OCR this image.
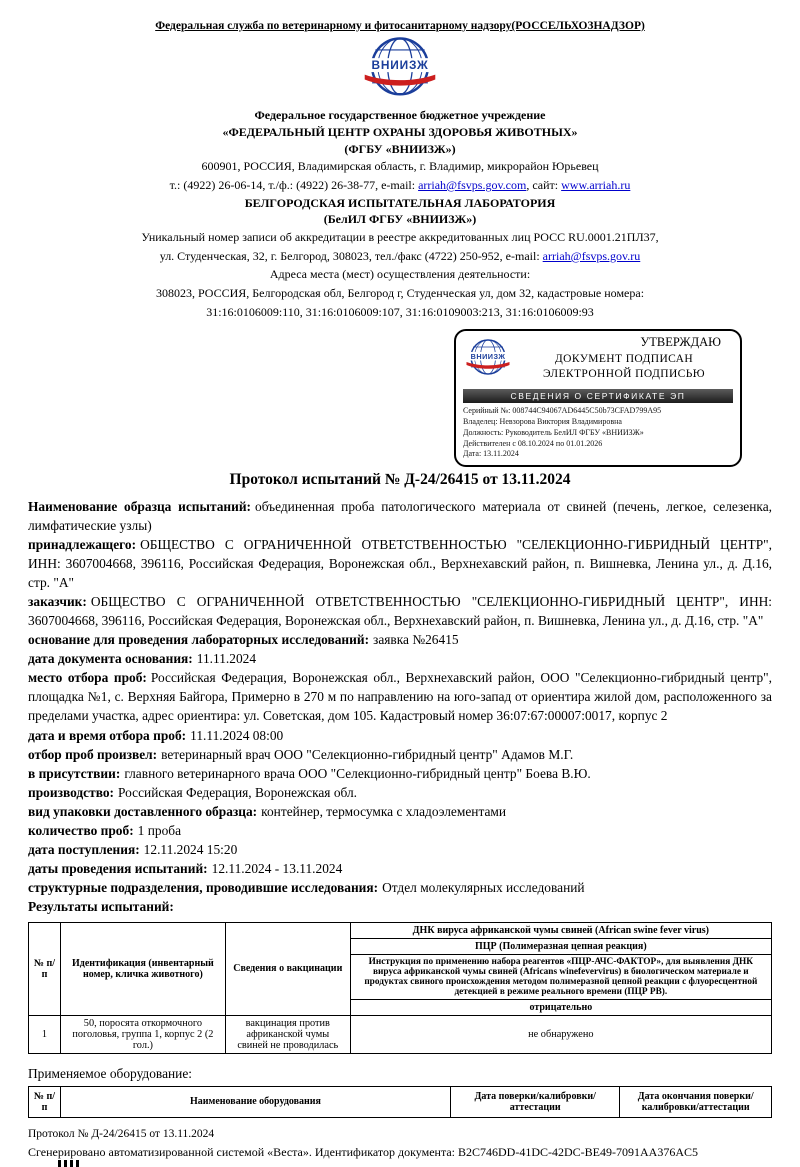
Федеральная служба по ветеринарному и фитосанитарному надзору(РОССЕЛЬХОЗНАДЗОР)
ВНИИЗЖ
Федеральное государственное бюджетное учреждение
«ФЕДЕРАЛЬНЫЙ ЦЕНТР ОХРАНЫ ЗДОРОВЬЯ ЖИВОТНЫХ»
(ФГБУ «ВНИИЗЖ»)
600901, РОССИЯ, Владимирская область, г. Владимир, микрорайон Юрьевец
т.: (4922) 26-06-14, т./ф.: (4922) 26-38-77, e-mail: arriah@fsvps.gov.com, сайт: www.arriah.ru
БЕЛГОРОДСКАЯ ИСПЫТАТЕЛЬНАЯ ЛАБОРАТОРИЯ
(БелИЛ ФГБУ «ВНИИЗЖ»)
Уникальный номер записи об аккредитации в реестре аккредитованных лиц РОСС RU.0001.21ПЛ37,
ул. Студенческая, 32, г. Белгород, 308023, тел./факс (4722) 250-952, e-mail: arriah@fsvps.gov.ru
Адреса места (мест) осуществления деятельности:
308023, РОССИЯ, Белгородская обл, Белгород г, Студенческая ул, дом 32, кадастровые номера:
31:16:0106009:110, 31:16:0106009:107, 31:16:0109003:213, 31:16:0106009:93
ВНИИЗЖ
УТВЕРЖДАЮ
ДОКУМЕНТ ПОДПИСАН
ЭЛЕКТРОННОЙ ПОДПИСЬЮ
СВЕДЕНИЯ О СЕРТИФИКАТЕ ЭП
Серийный №: 008744C94067AD6445C50b73CFAD799A95
Владелец: Невзорова Виктория Владимировна
Должность: Руководитель БелИЛ ФГБУ «ВНИИЗЖ»
Действителен с 08.10.2024 по 01.01.2026
Дата: 13.11.2024
Протокол испытаний № Д-24/26415 от 13.11.2024

Наименование образца испытаний: объединенная проба патологического материала от свиней (печень, легкое, селезенка, лимфатические узлы)

принадлежащего: ОБЩЕСТВО С ОГРАНИЧЕННОЙ ОТВЕТСТВЕННОСТЬЮ "СЕЛЕКЦИОННО-ГИБРИДНЫЙ ЦЕНТР", ИНН: 3607004668, 396116, Российская Федерация, Воронежская обл., Верхнехавский район, п. Вишневка, Ленина ул., д. Д.16, стр. "А"

заказчик: ОБЩЕСТВО С ОГРАНИЧЕННОЙ ОТВЕТСТВЕННОСТЬЮ "СЕЛЕКЦИОННО-ГИБРИДНЫЙ ЦЕНТР", ИНН: 3607004668, 396116, Российская Федерация, Воронежская обл., Верхнехавский район, п. Вишневка, Ленина ул., д. Д.16, стр. "А"

основание для проведения лабораторных исследований: заявка №26415

дата документа основания: 11.11.2024

место отбора проб: Российская Федерация, Воронежская обл., Верхнехавский район, ООО "Селекционно-гибридный центр", площадка №1, с. Верхняя Байгора, Примерно в 270 м по направлению на юго-запад от ориентира жилой дом, расположенного за пределами участка, адрес ориентира: ул. Советская, дом 105. Кадастровый номер 36:07:67:00007:0017, корпус 2

дата и время отбора проб: 11.11.2024 08:00

отбор проб произвел: ветеринарный врач ООО "Селекционно-гибридный центр" Адамов М.Г.

в присутствии: главного ветеринарного врача ООО "Селекционно-гибридный центр" Боева В.Ю.

производство: Российская Федерация, Воронежская обл.

вид упаковки доставленного образца: контейнер, термосумка с хладоэлементами

количество проб: 1 проба

дата поступления: 12.11.2024 15:20

даты проведения испытаний: 12.11.2024 - 13.11.2024

структурные подразделения, проводившие исследования: Отдел молекулярных исследований

Результаты испытаний:

№ п/п	Идентификация (инвентарный номер, кличка животного)	Сведения о вакцинации	ДНК вируса африканской чумы свиней (African swine fever virus)
			ПЦР (Полимеразная цепная реакция)
			Инструкция по применению набора реагентов «ПЦР-АЧС-ФАКТОР», для выявления ДНК вируса африканской чумы свиней (Africans winefevervirus) в биологическом материале и продуктах свиного происхождения методом полимеразной цепной реакции с флуоресцентной детекцией в режиме реального времени (ПЦР РВ).
			отрицательно
1	50, поросята откормочного поголовья, группа 1, корпус 2 (2 гол.)	вакцинация против африканской чумы свиней не проводилась	не обнаружено
Применяемое оборудование:
№ п/п	Наименование оборудования	Дата поверки/калибровки/аттестации	Дата окончания поверки/калибровки/аттестации
Протокол № Д-24/26415 от 13.11.2024
Сгенерировано автоматизированной системой «Веста». Идентификатор документа: B2C746DD-41DC-42DC-BE49-7091AA376AC5
